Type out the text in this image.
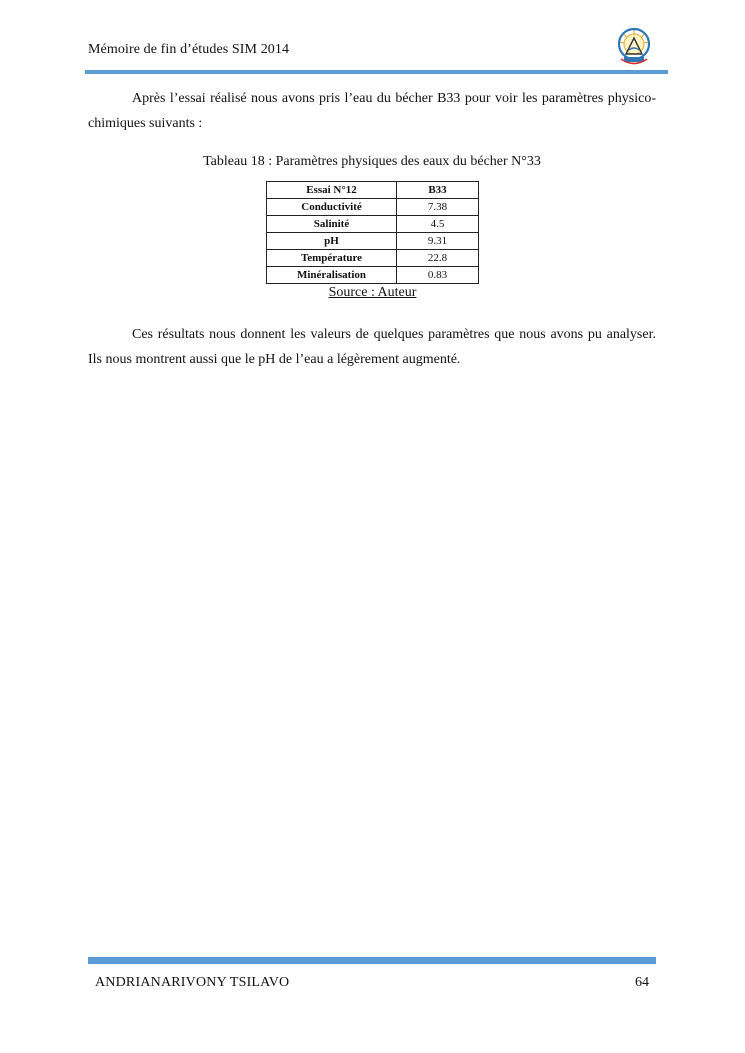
Mémoire de fin d’études SIM 2014

Après l’essai réalisé nous avons pris l’eau du bécher B33 pour voir les paramètres physico-chimiques suivants :

Tableau 18 : Paramètres physiques des eaux du bécher N°33
Essai N°12	B33
Conductivité	7.38
Salinité	4.5
pH	9.31
Température	22.8
Minéralisation	0.83
Source : Auteur

Ces résultats nous donnent les valeurs de quelques paramètres que nous avons pu analyser. Ils nous montrent aussi que le pH de l’eau a légèrement augmenté.

ANDRIANARIVONY TSILAVO	64
